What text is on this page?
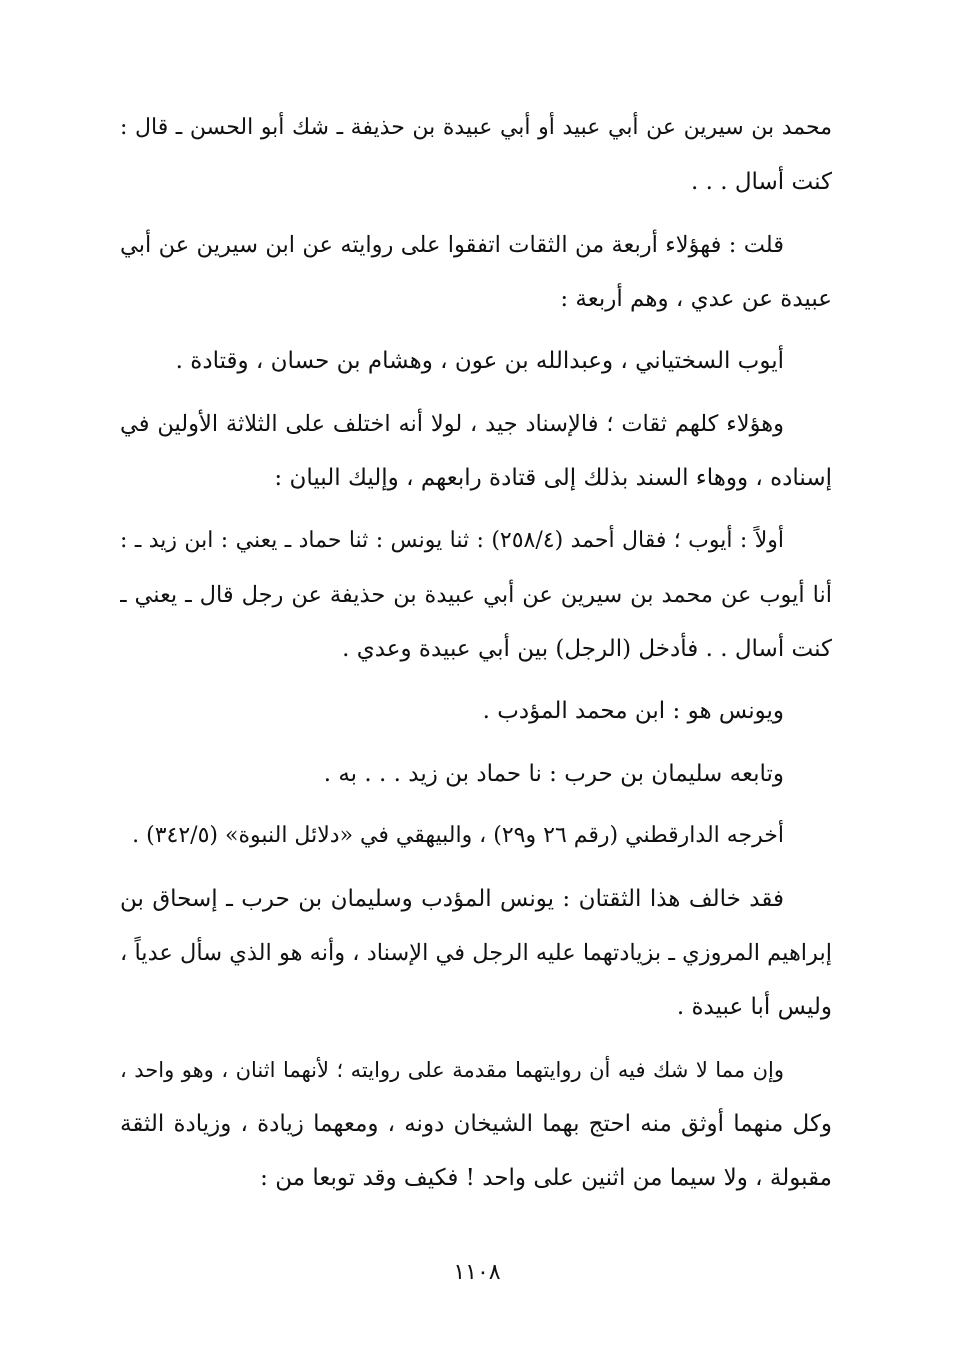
محمد بن سيرين عن أبي عبيد أو أبي عبيدة بن حذيفة ـ شك أبو الحسن ـ قال :
كنت أسال . . .
قلت : فهؤلاء أربعة من الثقات اتفقوا على روايته عن ابن سيرين عن أبي
عبيدة عن عدي ، وهم أربعة :
أيوب السختياني ، وعبدالله بن عون ، وهشام بن حسان ، وقتادة .
وهؤلاء كلهم ثقات ؛ فالإسناد جيد ، لولا أنه اختلف على الثلاثة الأولين في
إسناده ، ووهاء السند بذلك إلى قتادة رابعهم ، وإليك البيان :
أولاً : أيوب ؛ فقال أحمد (٢٥٨/٤) : ثنا يونس : ثنا حماد ـ يعني : ابن زيد ـ :
أنا أيوب عن محمد بن سيرين عن أبي عبيدة بن حذيفة عن رجل قال ـ يعني ـ
كنت أسال . . فأدخل (الرجل) بين أبي عبيدة وعدي .
ويونس هو : ابن محمد المؤدب .
وتابعه سليمان بن حرب : نا حماد بن زيد . . . به .
أخرجه الدارقطني (رقم ٢٦ و٢٩) ، والبيهقي في «دلائل النبوة» (٣٤٢/٥) .
فقد خالف هذا الثقتان : يونس المؤدب وسليمان بن حرب ـ إسحاق بن
إبراهيم المروزي ـ بزيادتهما عليه الرجل في الإسناد ، وأنه هو الذي سأل عدياً ،
وليس أبا عبيدة .
وإن مما لا شك فيه أن روايتهما مقدمة على روايته ؛ لأنهما اثنان ، وهو واحد ،
وكل منهما أوثق منه احتج بهما الشيخان دونه ، ومعهما زيادة ، وزيادة الثقة
مقبولة ، ولا سيما من اثنين على واحد ! فكيف وقد توبعا من :
١١٠٨
